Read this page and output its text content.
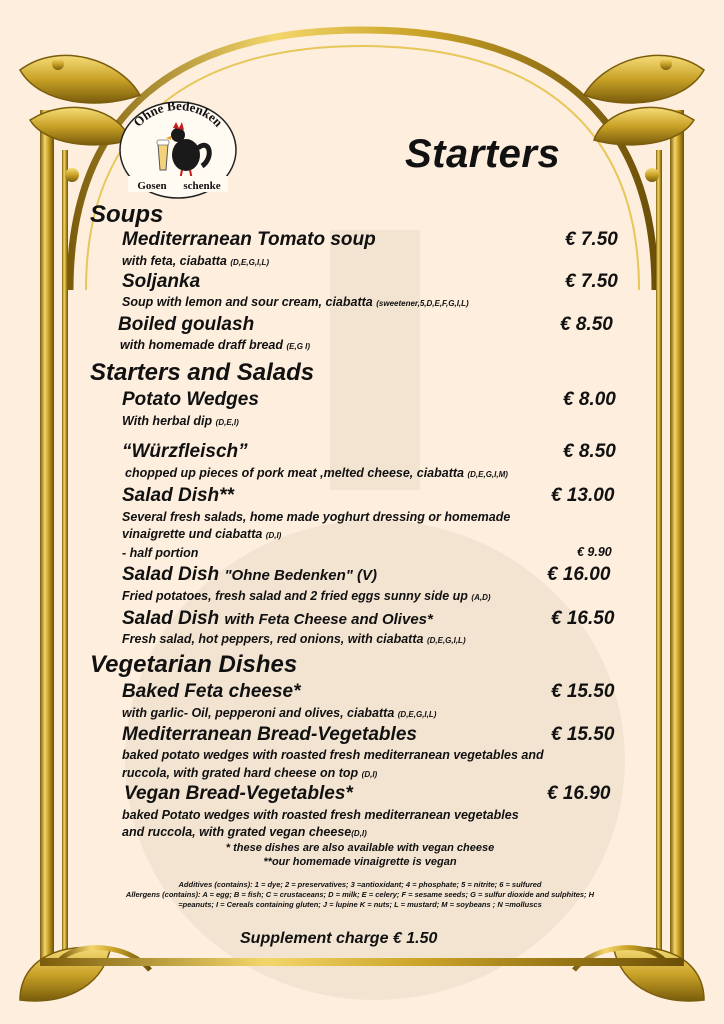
Ohne Bedenken
Gosen schenke
Starters
Soups
Mediterranean Tomato soup	€ 7.50
with feta, ciabatta (D,E,G,I,L)
Soljanka	€ 7.50
Soup with lemon and sour cream, ciabatta (sweetener,5,D,E,F,G,I,L)
Boiled goulash	€ 8.50
with homemade draff bread (E,G I)
Starters and Salads
Potato Wedges	€ 8.00
With herbal dip (D,E,I)
“Würzfleisch”	€ 8.50
chopped up pieces of pork meat ,melted cheese, ciabatta (D,E,G,I,M)
Salad Dish**	€ 13.00
Several fresh salads, home made yoghurt dressing or homemade
vinaigrette und ciabatta (D,I)
- half portion	€ 9.90
Salad Dish "Ohne Bedenken" (V)	€ 16.00
Fried potatoes, fresh salad and 2 fried eggs sunny side up (A,D)
Salad Dish with Feta Cheese and Olives*	€ 16.50
Fresh salad, hot peppers, red onions, with ciabatta (D,E,G,I,L)
Vegetarian Dishes
Baked Feta cheese*	€ 15.50
with garlic- Oil, pepperoni and olives, ciabatta (D,E,G,I,L)
Mediterranean Bread-Vegetables	€ 15.50
baked potato wedges with roasted fresh mediterranean vegetables and
ruccola, with grated hard cheese on top (D,I)
Vegan Bread-Vegetables*	€ 16.90
baked Potato wedges with roasted fresh mediterranean vegetables
and ruccola, with grated vegan cheese(D,I)
* these dishes are also available with vegan cheese
**our homemade vinaigrette is vegan
Additives (contains): 1 = dye; 2 = preservatives; 3 =antioxidant; 4 = phosphate; 5 = nitrite; 6 = sulfured
Allergens (contains): A = egg; B = fish; C = crustaceans; D = milk; E = celery; F = sesame seeds; G = sulfur dioxide and sulphites; H
=peanuts; I = Cereals containing gluten; J = lupine K = nuts; L = mustard; M = soybeans ; N =molluscs
Supplement charge € 1.50
